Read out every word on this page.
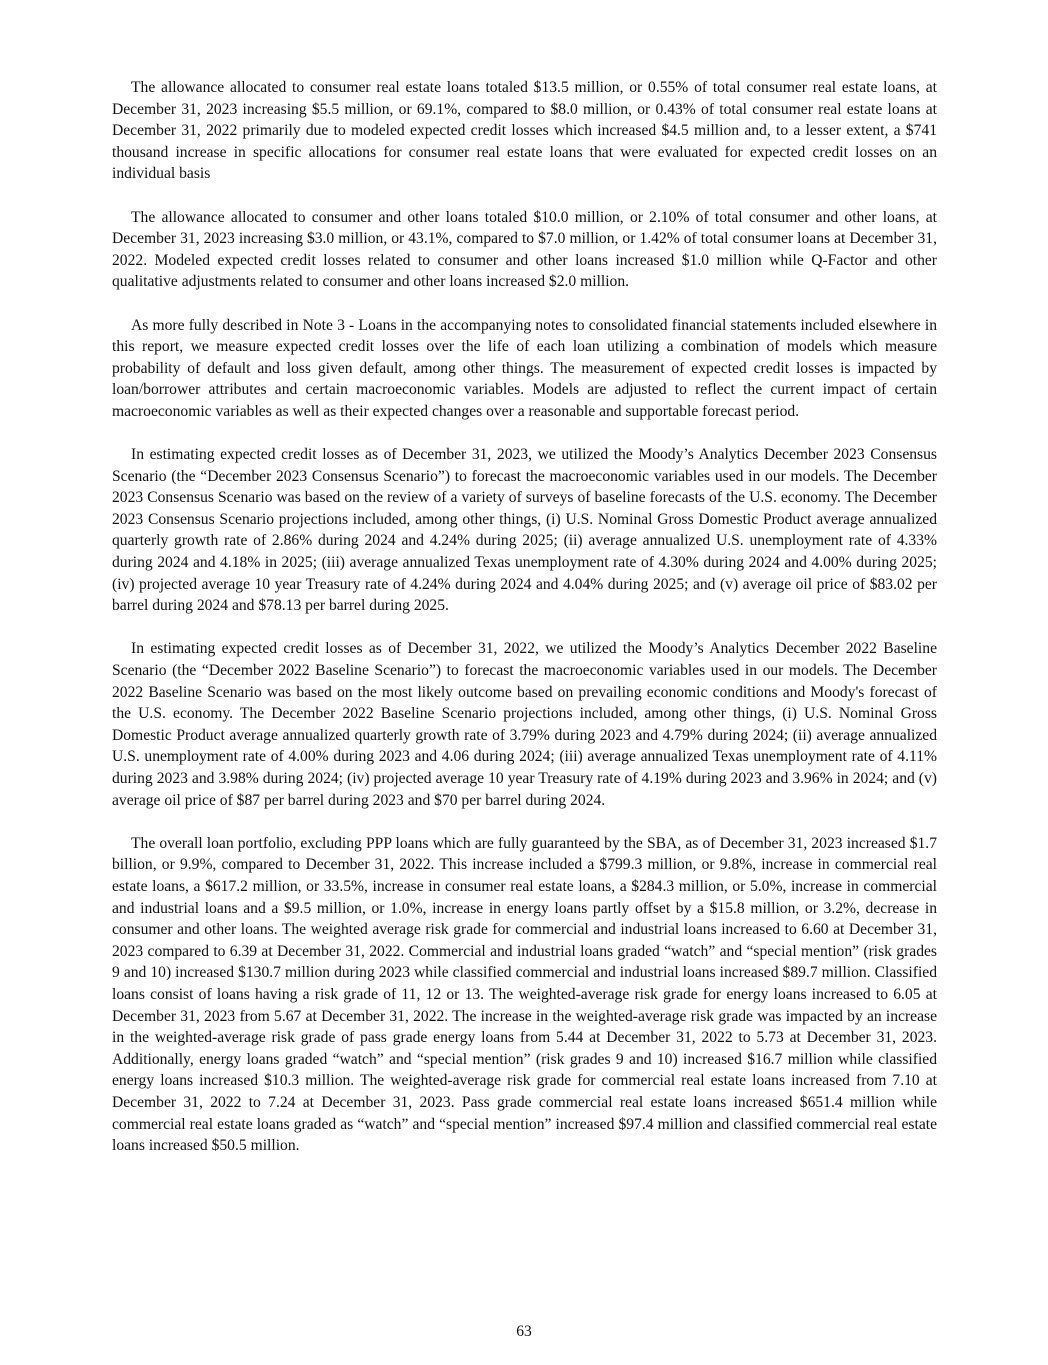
The allowance allocated to consumer real estate loans totaled $13.5 million, or 0.55% of total consumer real estate loans, at December 31, 2023 increasing $5.5 million, or 69.1%, compared to $8.0 million, or 0.43% of total consumer real estate loans at December 31, 2022 primarily due to modeled expected credit losses which increased $4.5 million and, to a lesser extent, a $741 thousand increase in specific allocations for consumer real estate loans that were evaluated for expected credit losses on an individual basis

The allowance allocated to consumer and other loans totaled $10.0 million, or 2.10% of total consumer and other loans, at December 31, 2023 increasing $3.0 million, or 43.1%, compared to $7.0 million, or 1.42% of total consumer loans at December 31, 2022. Modeled expected credit losses related to consumer and other loans increased $1.0 million while Q-Factor and other qualitative adjustments related to consumer and other loans increased $2.0 million.

As more fully described in Note 3 - Loans in the accompanying notes to consolidated financial statements included elsewhere in this report, we measure expected credit losses over the life of each loan utilizing a combination of models which measure probability of default and loss given default, among other things. The measurement of expected credit losses is impacted by loan/borrower attributes and certain macroeconomic variables. Models are adjusted to reflect the current impact of certain macroeconomic variables as well as their expected changes over a reasonable and supportable forecast period.

In estimating expected credit losses as of December 31, 2023, we utilized the Moody’s Analytics December 2023 Consensus Scenario (the “December 2023 Consensus Scenario”) to forecast the macroeconomic variables used in our models. The December 2023 Consensus Scenario was based on the review of a variety of surveys of baseline forecasts of the U.S. economy. The December 2023 Consensus Scenario projections included, among other things, (i) U.S. Nominal Gross Domestic Product average annualized quarterly growth rate of 2.86% during 2024 and 4.24% during 2025; (ii) average annualized U.S. unemployment rate of 4.33% during 2024 and 4.18% in 2025; (iii) average annualized Texas unemployment rate of 4.30% during 2024 and 4.00% during 2025; (iv) projected average 10 year Treasury rate of 4.24% during 2024 and 4.04% during 2025; and (v) average oil price of $83.02 per barrel during 2024 and $78.13 per barrel during 2025.

In estimating expected credit losses as of December 31, 2022, we utilized the Moody’s Analytics December 2022 Baseline Scenario (the “December 2022 Baseline Scenario”) to forecast the macroeconomic variables used in our models. The December 2022 Baseline Scenario was based on the most likely outcome based on prevailing economic conditions and Moody's forecast of the U.S. economy. The December 2022 Baseline Scenario projections included, among other things, (i) U.S. Nominal Gross Domestic Product average annualized quarterly growth rate of 3.79% during 2023 and 4.79% during 2024; (ii) average annualized U.S. unemployment rate of 4.00% during 2023 and 4.06 during 2024; (iii) average annualized Texas unemployment rate of 4.11% during 2023 and 3.98% during 2024; (iv) projected average 10 year Treasury rate of 4.19% during 2023 and 3.96% in 2024; and (v) average oil price of $87 per barrel during 2023 and $70 per barrel during 2024.

The overall loan portfolio, excluding PPP loans which are fully guaranteed by the SBA, as of December 31, 2023 increased $1.7 billion, or 9.9%, compared to December 31, 2022. This increase included a $799.3 million, or 9.8%, increase in commercial real estate loans, a $617.2 million, or 33.5%, increase in consumer real estate loans, a $284.3 million, or 5.0%, increase in commercial and industrial loans and a $9.5 million, or 1.0%, increase in energy loans partly offset by a $15.8 million, or 3.2%, decrease in consumer and other loans. The weighted average risk grade for commercial and industrial loans increased to 6.60 at December 31, 2023 compared to 6.39 at December 31, 2022. Commercial and industrial loans graded “watch” and “special mention” (risk grades 9 and 10) increased $130.7 million during 2023 while classified commercial and industrial loans increased $89.7 million. Classified loans consist of loans having a risk grade of 11, 12 or 13. The weighted-average risk grade for energy loans increased to 6.05 at December 31, 2023 from 5.67 at December 31, 2022. The increase in the weighted-average risk grade was impacted by an increase in the weighted-average risk grade of pass grade energy loans from 5.44 at December 31, 2022 to 5.73 at December 31, 2023. Additionally, energy loans graded “watch” and “special mention” (risk grades 9 and 10) increased $16.7 million while classified energy loans increased $10.3 million. The weighted-average risk grade for commercial real estate loans increased from 7.10 at December 31, 2022 to 7.24 at December 31, 2023. Pass grade commercial real estate loans increased $651.4 million while commercial real estate loans graded as “watch” and “special mention” increased $97.4 million and classified commercial real estate loans increased $50.5 million.

63
